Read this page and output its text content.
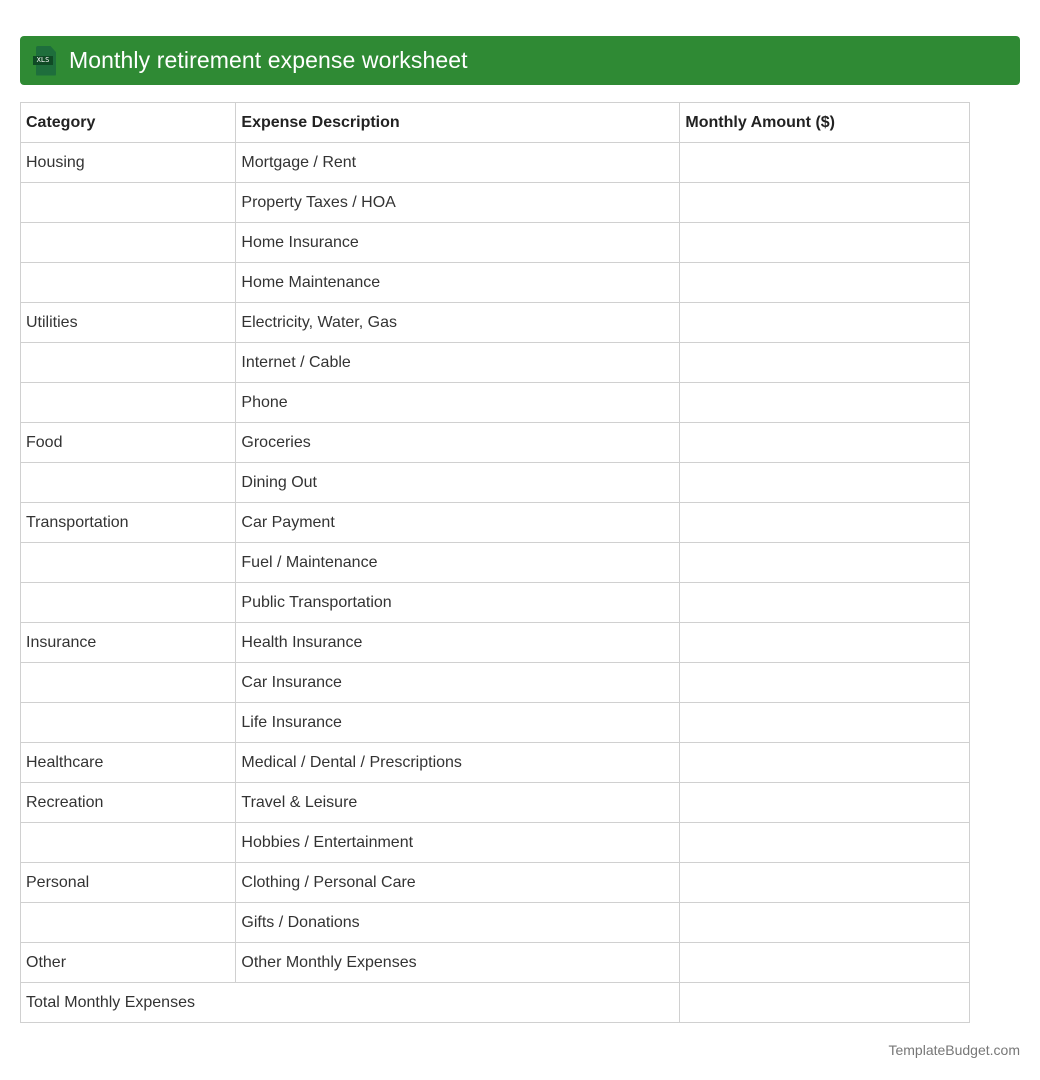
XLS Monthly retirement expense worksheet
Category	Expense Description	Monthly Amount ($)
Housing	Mortgage / Rent	
	Property Taxes / HOA	
	Home Insurance	
	Home Maintenance	
Utilities	Electricity, Water, Gas	
	Internet / Cable	
	Phone	
Food	Groceries	
	Dining Out	
Transportation	Car Payment	
	Fuel / Maintenance	
	Public Transportation	
Insurance	Health Insurance	
	Car Insurance	
	Life Insurance	
Healthcare	Medical / Dental / Prescriptions	
Recreation	Travel & Leisure	
	Hobbies / Entertainment	
Personal	Clothing / Personal Care	
	Gifts / Donations	
Other	Other Monthly Expenses	
Total Monthly Expenses		
TemplateBudget.com
